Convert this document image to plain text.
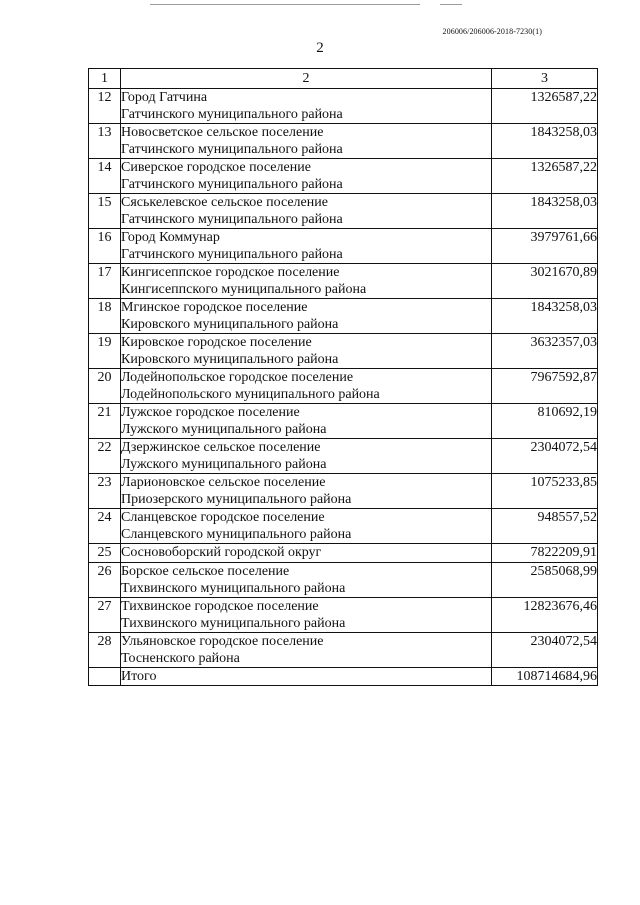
206006/206006-2018-7230(1)
2
1	2	3
12	Город Гатчина
Гатчинского муниципального района	1326587,22
13	Новосветское сельское поселение
Гатчинского муниципального района	1843258,03
14	Сиверское городское поселение
Гатчинского муниципального района	1326587,22
15	Сяськелевское сельское поселение
Гатчинского муниципального района	1843258,03
16	Город Коммунар
Гатчинского муниципального района	3979761,66
17	Кингисеппское городское поселение
Кингисеппского муниципального района	3021670,89
18	Мгинское городское поселение
Кировского муниципального района	1843258,03
19	Кировское городское поселение
Кировского муниципального района	3632357,03
20	Лодейнопольское городское поселение
Лодейнопольского муниципального района	7967592,87
21	Лужское городское поселение
Лужского муниципального района	810692,19
22	Дзержинское сельское поселение
Лужского муниципального района	2304072,54
23	Ларионовское сельское поселение
Приозерского муниципального района	1075233,85
24	Сланцевское городское поселение
Сланцевского муниципального района	948557,52
25	Сосновоборский городской округ	7822209,91
26	Борское сельское поселение
Тихвинского муниципального района	2585068,99
27	Тихвинское городское поселение
Тихвинского муниципального района	12823676,46
28	Ульяновское городское поселение
Тосненского района	2304072,54
	Итого	108714684,96
